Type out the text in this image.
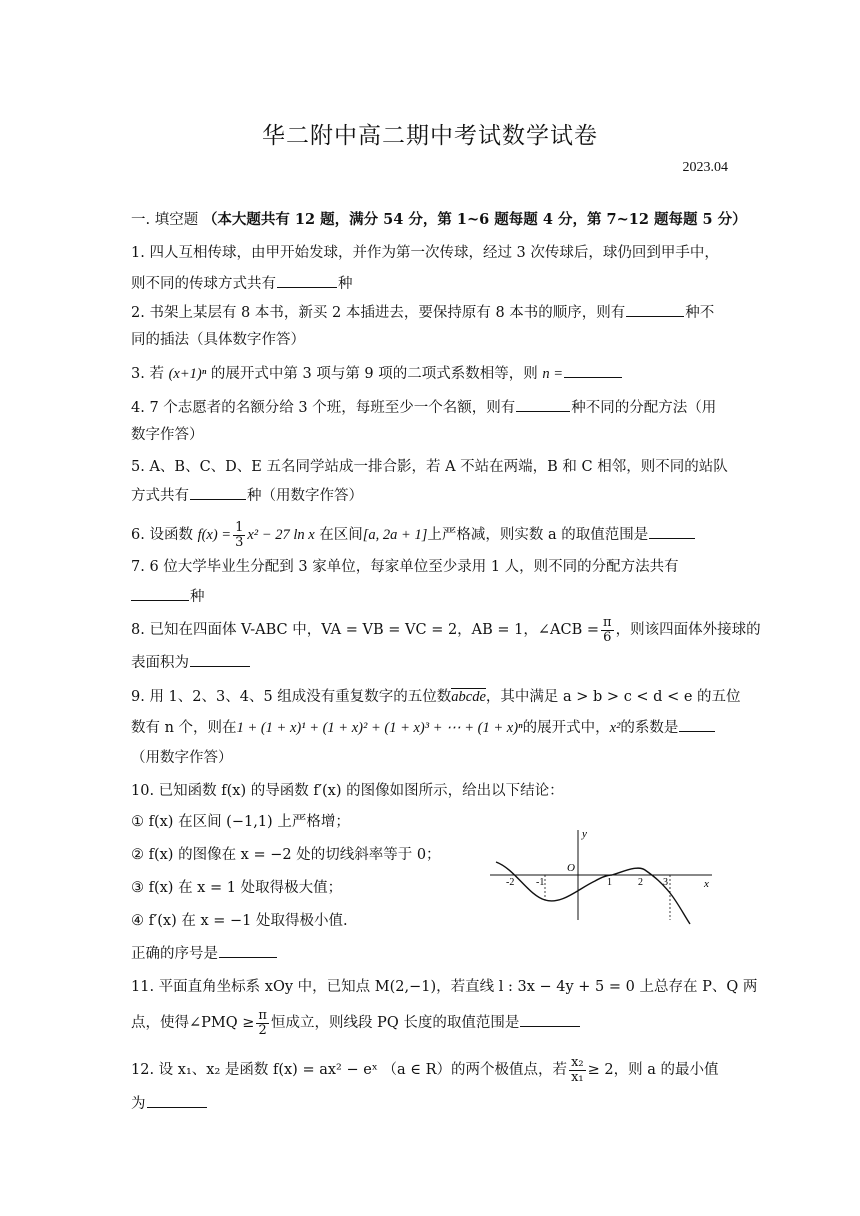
华二附中高二期中考试数学试卷
2023.04
一. 填空题 （本大题共有 12 题，满分 54 分，第 1~6 题每题 4 分，第 7~12 题每题 5 分）
1. 四人互相传球，由甲开始发球，并作为第一次传球，经过 3 次传球后，球仍回到甲手中，
则不同的传球方式共有	种
2. 书架上某层有 8 本书，新买 2 本插进去，要保持原有 8 本书的顺序，则有	种不
同的插法（具体数字作答）
3. 若 (x+1)ⁿ 的展开式中第 3 项与第 9 项的二项式系数相等，则 n =
4. 7 个志愿者的名额分给 3 个班，每班至少一个名额，则有	种不同的分配方法（用
数字作答）
5. A、B、C、D、E 五名同学站成一排合影，若 A 不站在两端，B 和 C 相邻，则不同的站队
方式共有	种（用数字作答）
6. 设函数 $f(x) = \frac{1}{3} x^2 - 27$ ln x 在区间[a, 2a + 1]上严格减，则实数 a 的取值范围是
7. 6 位大学毕业生分配到 3 家单位，每家单位至少录用 1 人，则不同的分配方法共有
种
8. 已知在四面体 V-ABC 中，VA = VB = VC = 2，AB = 1，∠ACB = $\frac{\pi}{6}$ ，则该四面体外接球的
表面积为
9. 用 1、2、3、4、5 组成没有重复数字的五位数abcde，其中满足 a > b > c < d < e 的五位
数有 n 个，则在1 + (1 + x)¹ + (1 + x)² + (1 + x)³ + ⋯ + (1 + x)ⁿ的展开式中，x²的系数是
（用数字作答）
10. 已知函数 f(x) 的导函数 f′(x) 的图像如图所示，给出以下结论：
① f(x) 在区间 (−1,1) 上严格增；
② f(x) 的图像在 x = −2 处的切线斜率等于 0；
③ f(x) 在 x = 1 处取得极大值；
④ f′(x) 在 x = −1 处取得极小值.
正确的序号是
y
x
O
-2 -1	1	2 3
11. 平面直角坐标系 xOy 中，已知点 M(2,−1)，若直线 l : 3x − 4y + 5 = 0 上总存在 P、Q 两
点，使得∠PMQ ≥ $\frac{\pi}{2}$ 恒成立，则线段 PQ 长度的取值范围是
12. 设 x₁、x₂ 是函数 f(x) = ax² − eˣ （a ∈ R）的两个极值点，若 $\frac{\text{x₂}}{\text{x₁}} \ge 2$，则 a 的最小值
为
